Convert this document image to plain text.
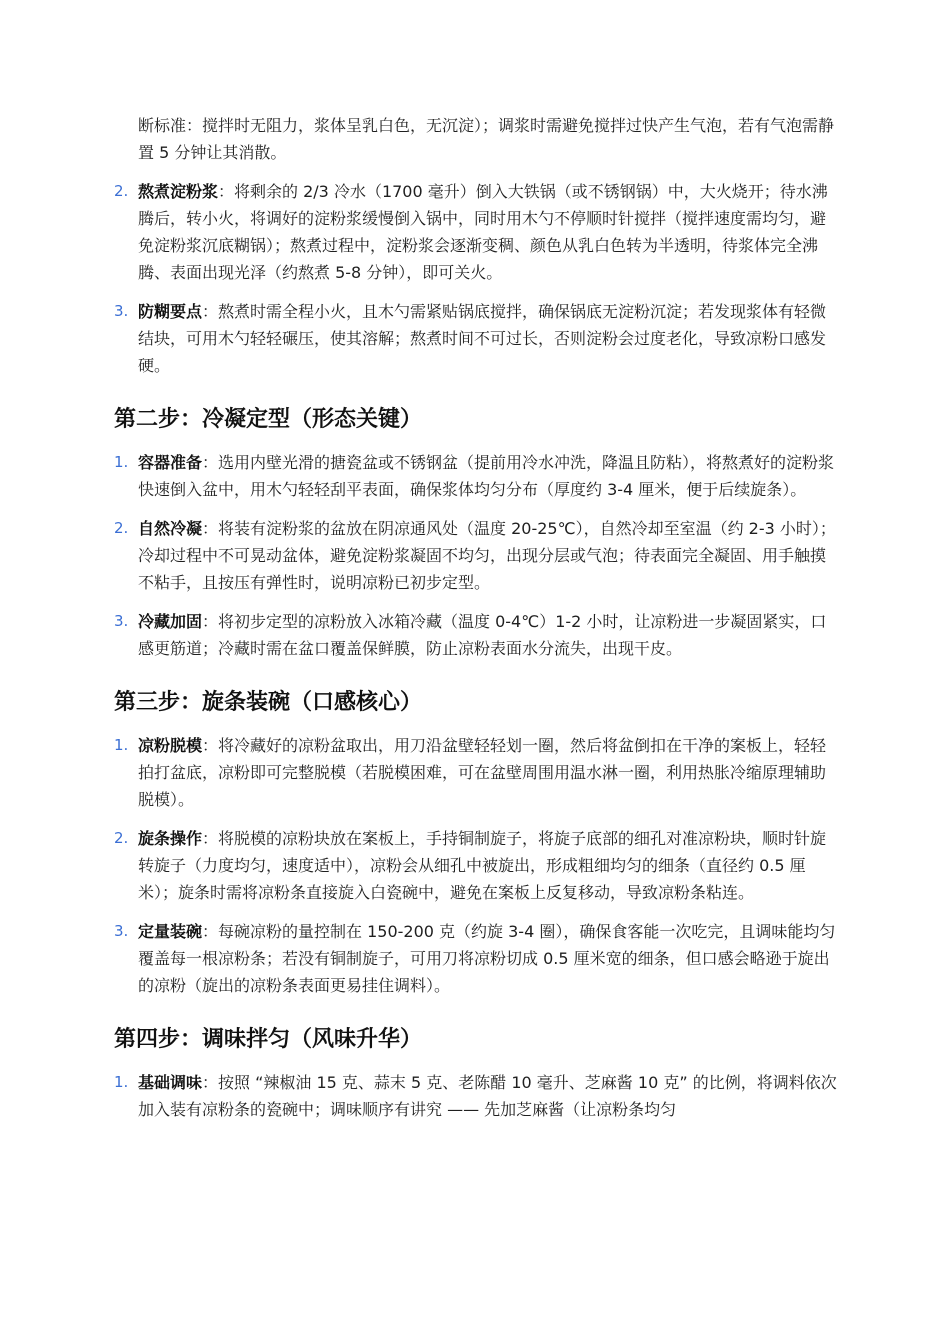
断标准：搅拌时无阻力，浆体呈乳白色，无沉淀）；调浆时需避免搅拌过快产生气泡，若有气泡需静置 5 分钟让其消散。

2. 熬煮淀粉浆：将剩余的 2/3 冷水（1700 毫升）倒入大铁锅（或不锈钢锅）中，大火烧开；待水沸腾后，转小火，将调好的淀粉浆缓慢倒入锅中，同时用木勺不停顺时针搅拌（搅拌速度需均匀，避免淀粉浆沉底糊锅）；熬煮过程中，淀粉浆会逐渐变稠、颜色从乳白色转为半透明，待浆体完全沸腾、表面出现光泽（约熬煮 5-8 分钟），即可关火。
3. 防糊要点：熬煮时需全程小火，且木勺需紧贴锅底搅拌，确保锅底无淀粉沉淀；若发现浆体有轻微结块，可用木勺轻轻碾压，使其溶解；熬煮时间不可过长，否则淀粉会过度老化，导致凉粉口感发硬。
第二步：冷凝定型（形态关键）
1. 容器准备：选用内壁光滑的搪瓷盆或不锈钢盆（提前用冷水冲洗，降温且防粘），将熬煮好的淀粉浆快速倒入盆中，用木勺轻轻刮平表面，确保浆体均匀分布（厚度约 3-4 厘米，便于后续旋条）。
2. 自然冷凝：将装有淀粉浆的盆放在阴凉通风处（温度 20-25℃），自然冷却至室温（约 2-3 小时）；冷却过程中不可晃动盆体，避免淀粉浆凝固不均匀，出现分层或气泡；待表面完全凝固、用手触摸不粘手，且按压有弹性时，说明凉粉已初步定型。
3. 冷藏加固：将初步定型的凉粉放入冰箱冷藏（温度 0-4℃）1-2 小时，让凉粉进一步凝固紧实，口感更筋道；冷藏时需在盆口覆盖保鲜膜，防止凉粉表面水分流失，出现干皮。
第三步：旋条装碗（口感核心）
1. 凉粉脱模：将冷藏好的凉粉盆取出，用刀沿盆壁轻轻划一圈，然后将盆倒扣在干净的案板上，轻轻拍打盆底，凉粉即可完整脱模（若脱模困难，可在盆壁周围用温水淋一圈，利用热胀冷缩原理辅助脱模）。
2. 旋条操作：将脱模的凉粉块放在案板上，手持铜制旋子，将旋子底部的细孔对准凉粉块，顺时针旋转旋子（力度均匀，速度适中），凉粉会从细孔中被旋出，形成粗细均匀的细条（直径约 0.5 厘米）；旋条时需将凉粉条直接旋入白瓷碗中，避免在案板上反复移动，导致凉粉条粘连。
3. 定量装碗：每碗凉粉的量控制在 150-200 克（约旋 3-4 圈），确保食客能一次吃完，且调味能均匀覆盖每一根凉粉条；若没有铜制旋子，可用刀将凉粉切成 0.5 厘米宽的细条，但口感会略逊于旋出的凉粉（旋出的凉粉条表面更易挂住调料）。
第四步：调味拌匀（风味升华）
1. 基础调味：按照 “辣椒油 15 克、蒜末 5 克、老陈醋 10 毫升、芝麻酱 10 克” 的比例，将调料依次加入装有凉粉条的瓷碗中；调味顺序有讲究 —— 先加芝麻酱（让凉粉条均匀
